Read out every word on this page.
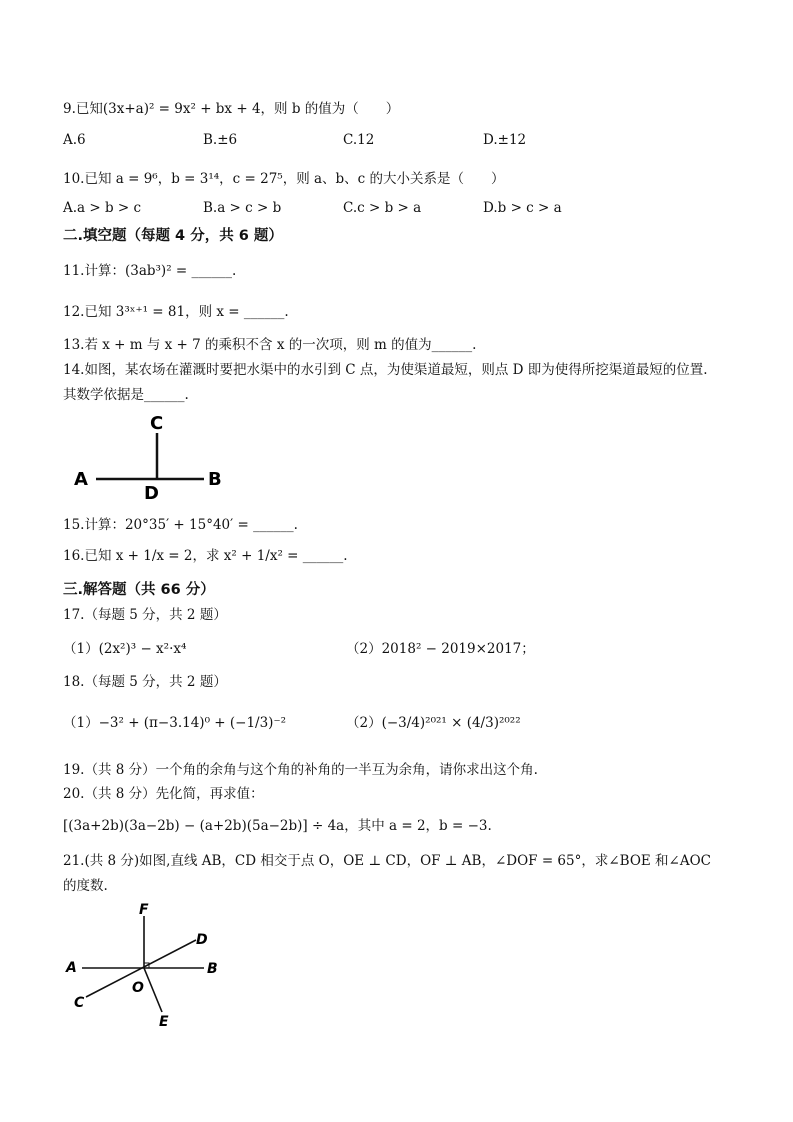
9.已知(3x+a)² = 9x² + bx + 4，则 b 的值为（　　）
A.6	B.±6	C.12	D.±12
10.已知 a = 9⁶，b = 3¹⁴，c = 27⁵，则 a、b、c 的大小关系是（　　）
A.a > b > c	B.a > c > b	C.c > b > a	D.b > c > a
二.填空题（每题 4 分，共 6 题）
11.计算：(3ab³)² = ______.
12.已知 3³ˣ⁺¹ = 81，则 x = ______.
13.若 x + m 与 x + 7 的乘积不含 x 的一次项，则 m 的值为______.
14.如图，某农场在灌溉时要把水渠中的水引到 C 点，为使渠道最短，则点 D 即为使得所挖渠道最短的位置.
其数学依据是______.
C
A	B
D
15.计算：20°35′ + 15°40′ = ______.
16.已知 x + 1/x = 2，求 x² + 1/x² = ______.
三.解答题（共 66 分）
17.（每题 5 分，共 2 题）
（1）(2x²)³ − x²·x⁴	（2）2018² − 2019×2017；
18.（每题 5 分，共 2 题）
（1）−3² + (π−3.14)⁰ + (−1/3)⁻²	（2）(−3/4)²⁰²¹ × (4/3)²⁰²²
19.（共 8 分）一个角的余角与这个角的补角的一半互为余角，请你求出这个角.
20.（共 8 分）先化简，再求值：
[(3a+2b)(3a−2b) − (a+2b)(5a−2b)] ÷ 4a，其中 a = 2，b = −3.
21.(共 8 分)如图,直线 AB，CD 相交于点 O，OE ⊥ CD，OF ⊥ AB，∠DOF = 65°，求∠BOE 和∠AOC
的度数.
F
D
A	B
O
C
E
